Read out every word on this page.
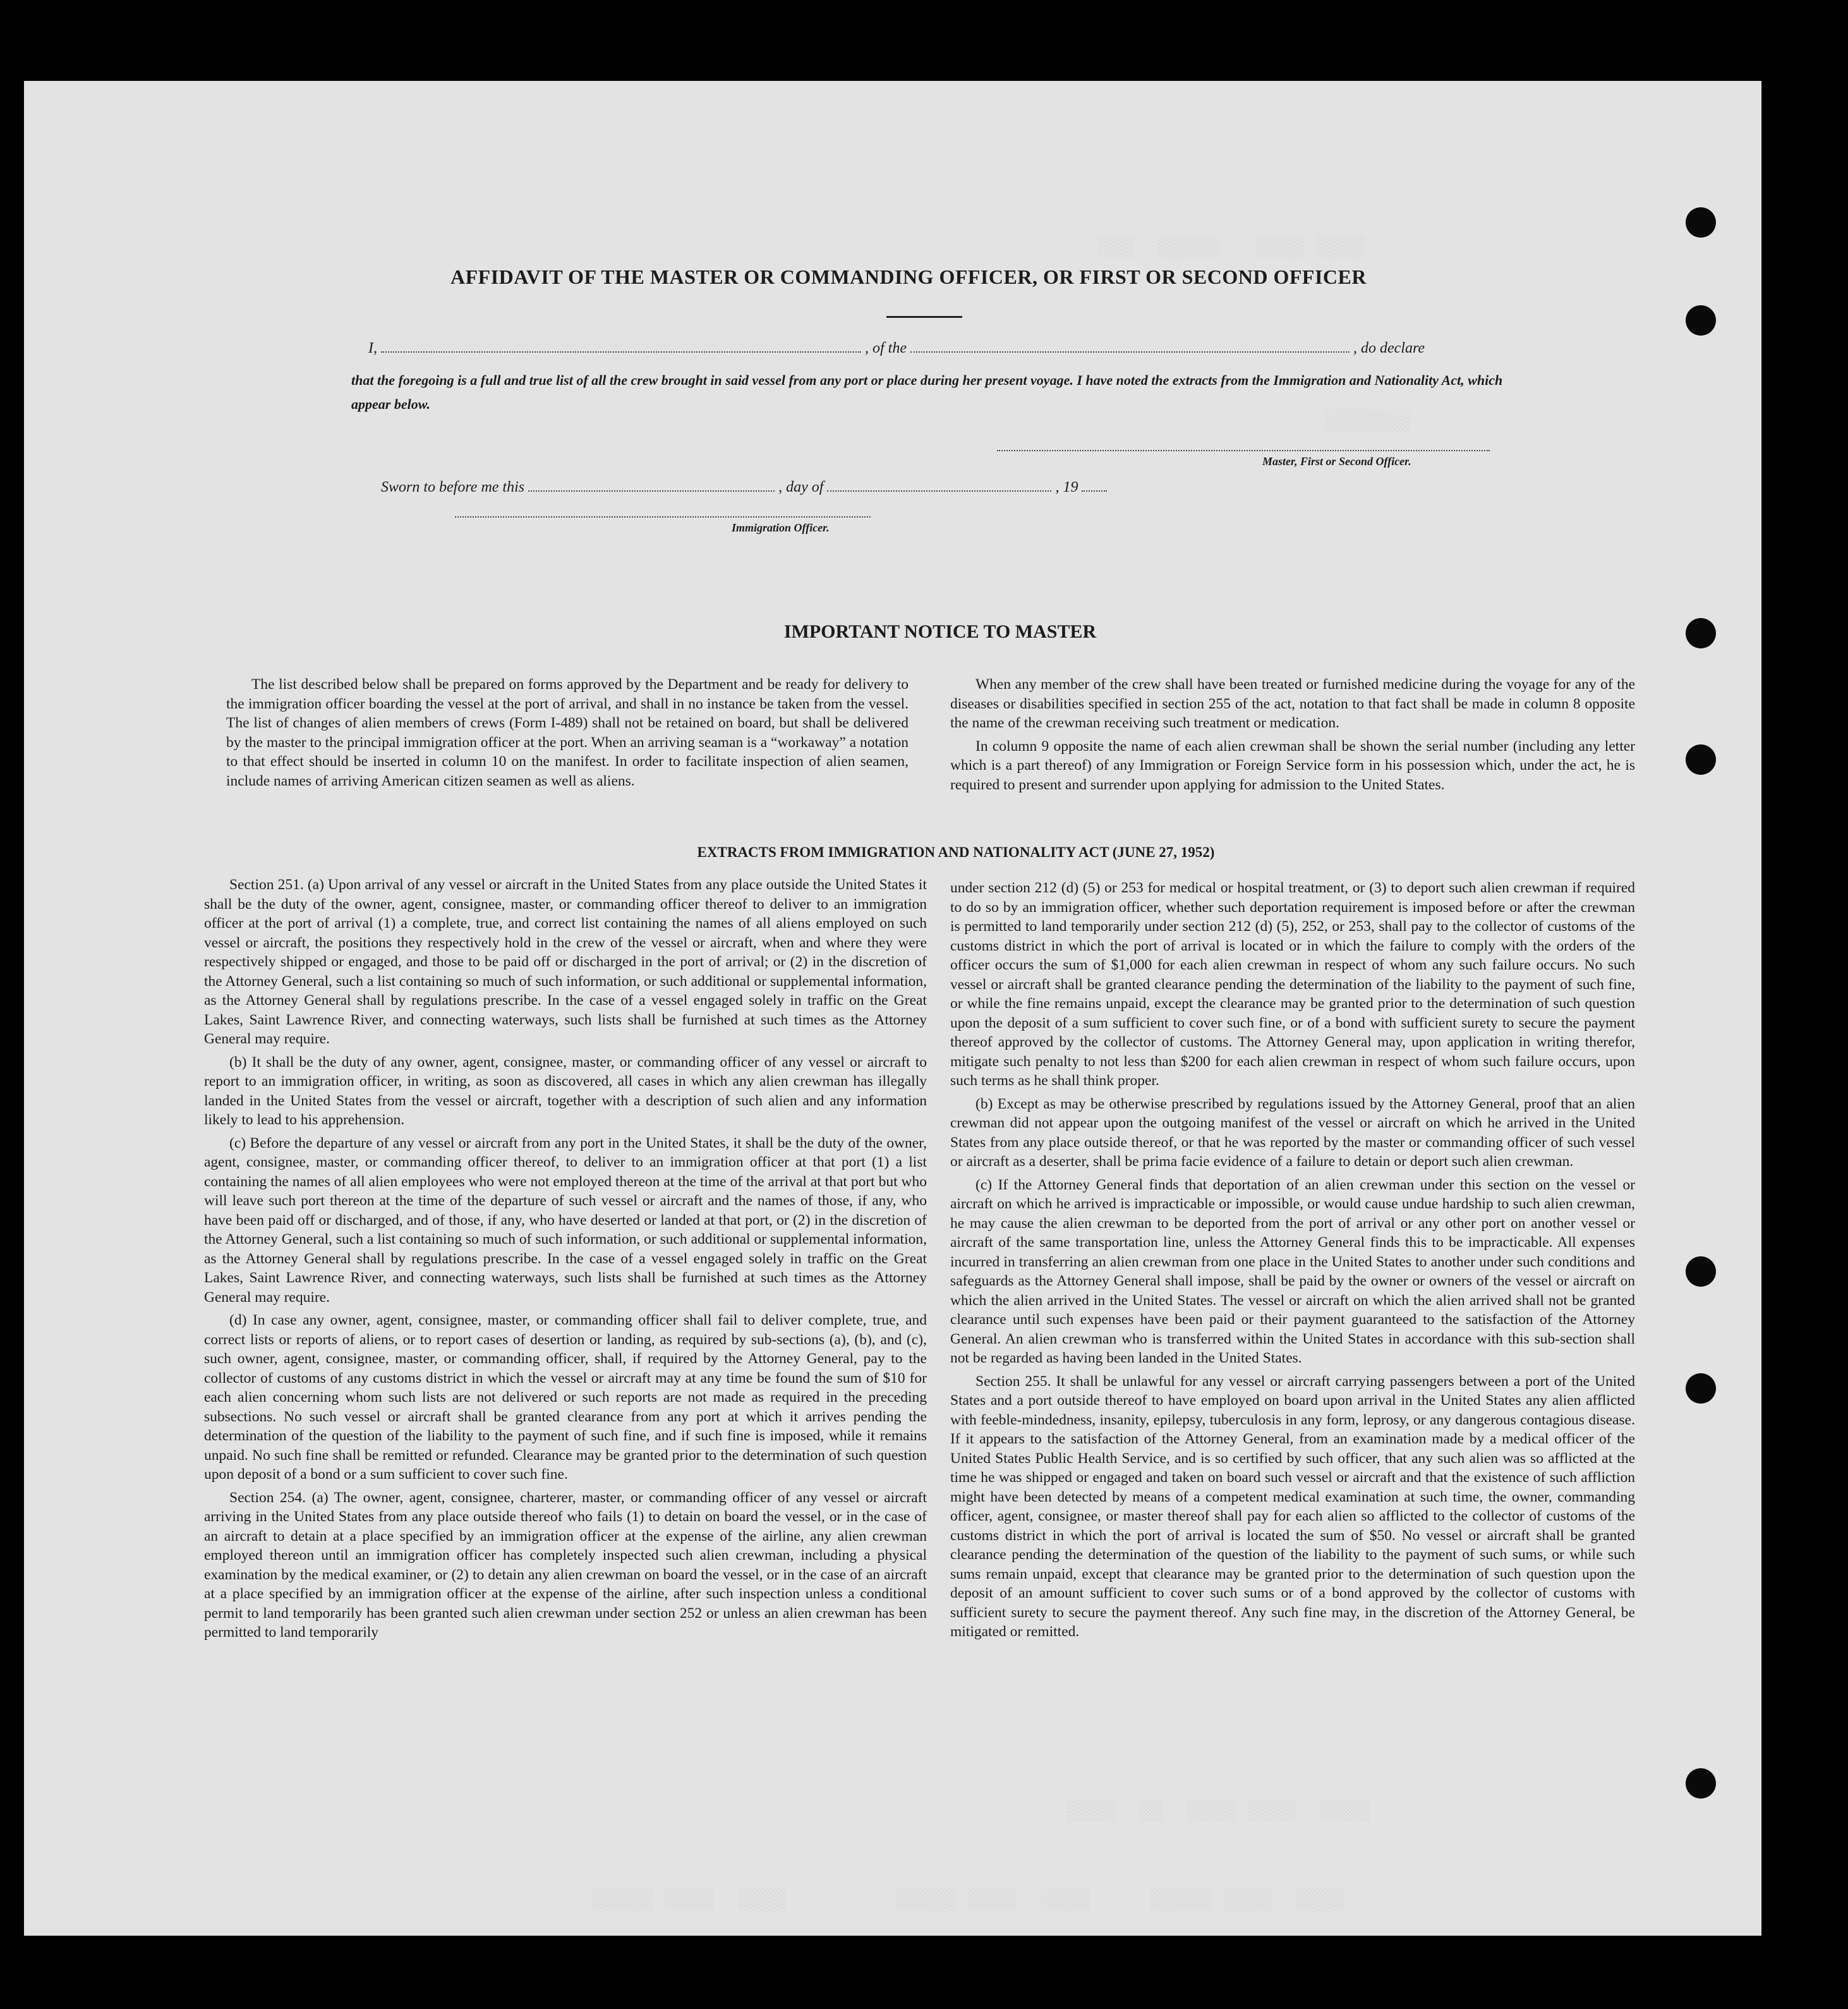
░░░  ░░░░░   ░░░░ ░░░░
░░░░░░░
░░░░  ░░  ░░░░ ░░░░  ░░░░
░░░░░ ░░░░  ░░░░         ░░░░░ ░░░░  ░░░░     ░░░░░ ░░░░  ░░░░
AFFIDAVIT OF THE MASTER OR COMMANDING OFFICER, OR FIRST OR SECOND OFFICER
I,	, of the	, do declare
that the foregoing is a full and true list of all the crew brought in said vessel from any port or place during her present voyage. I have noted the extracts from the Immigration and Nationality Act, which appear below.
Master, First or Second Officer.
Sworn to before me this	, day of	, 19
Immigration Officer.
IMPORTANT NOTICE TO MASTER

The list described below shall be prepared on forms approved by the Department and be ready for delivery to the immigration officer boarding the vessel at the port of arrival, and shall in no instance be taken from the vessel. The list of changes of alien members of crews (Form I-489) shall not be retained on board, but shall be delivered by the master to the principal immigration officer at the port. When an arriving seaman is a “workaway” a notation to that effect should be inserted in column 10 on the manifest. In order to facilitate inspection of alien seamen, include names of arriving American citizen seamen as well as aliens.

When any member of the crew shall have been treated or furnished medicine during the voyage for any of the diseases or disabilities specified in section 255 of the act, notation to that fact shall be made in column 8 opposite the name of the crewman receiving such treatment or medication.

In column 9 opposite the name of each alien crewman shall be shown the serial number (including any letter which is a part thereof) of any Immigration or Foreign Service form in his possession which, under the act, he is required to present and surrender upon applying for admission to the United States.

EXTRACTS FROM IMMIGRATION AND NATIONALITY ACT (JUNE 27, 1952)

Section 251. (a) Upon arrival of any vessel or aircraft in the United States from any place outside the United States it shall be the duty of the owner, agent, consignee, master, or commanding officer thereof to deliver to an immigration officer at the port of arrival (1) a complete, true, and correct list containing the names of all aliens employed on such vessel or aircraft, the positions they respectively hold in the crew of the vessel or aircraft, when and where they were respectively shipped or engaged, and those to be paid off or discharged in the port of arrival; or (2) in the discretion of the Attorney General, such a list containing so much of such information, or such additional or supplemental information, as the Attorney General shall by regulations prescribe. In the case of a vessel engaged solely in traffic on the Great Lakes, Saint Lawrence River, and connecting waterways, such lists shall be furnished at such times as the Attorney General may require.

(b) It shall be the duty of any owner, agent, consignee, master, or commanding officer of any vessel or aircraft to report to an immigration officer, in writing, as soon as discovered, all cases in which any alien crewman has illegally landed in the United States from the vessel or aircraft, together with a description of such alien and any information likely to lead to his apprehension.

(c) Before the departure of any vessel or aircraft from any port in the United States, it shall be the duty of the owner, agent, consignee, master, or commanding officer thereof, to deliver to an immigration officer at that port (1) a list containing the names of all alien employees who were not employed thereon at the time of the arrival at that port but who will leave such port thereon at the time of the departure of such vessel or aircraft and the names of those, if any, who have been paid off or discharged, and of those, if any, who have deserted or landed at that port, or (2) in the discretion of the Attorney General, such a list containing so much of such information, or such additional or supplemental information, as the Attorney General shall by regulations prescribe. In the case of a vessel engaged solely in traffic on the Great Lakes, Saint Lawrence River, and connecting waterways, such lists shall be furnished at such times as the Attorney General may require.

(d) In case any owner, agent, consignee, master, or commanding officer shall fail to deliver complete, true, and correct lists or reports of aliens, or to report cases of desertion or landing, as required by sub-sections (a), (b), and (c), such owner, agent, consignee, master, or commanding officer, shall, if required by the Attorney General, pay to the collector of customs of any customs district in which the vessel or aircraft may at any time be found the sum of $10 for each alien concerning whom such lists are not delivered or such reports are not made as required in the preceding subsections. No such vessel or aircraft shall be granted clearance from any port at which it arrives pending the determination of the question of the liability to the payment of such fine, and if such fine is imposed, while it remains unpaid. No such fine shall be remitted or refunded. Clearance may be granted prior to the determination of such question upon deposit of a bond or a sum sufficient to cover such fine.

Section 254. (a) The owner, agent, consignee, charterer, master, or commanding officer of any vessel or aircraft arriving in the United States from any place outside thereof who fails (1) to detain on board the vessel, or in the case of an aircraft to detain at a place specified by an immigration officer at the expense of the airline, any alien crewman employed thereon until an immigration officer has completely inspected such alien crewman, including a physical examination by the medical examiner, or (2) to detain any alien crewman on board the vessel, or in the case of an aircraft at a place specified by an immigration officer at the expense of the airline, after such inspection unless a conditional permit to land temporarily has been granted such alien crewman under section 252 or unless an alien crewman has been permitted to land temporarily

under section 212 (d) (5) or 253 for medical or hospital treatment, or (3) to deport such alien crewman if required to do so by an immigration officer, whether such deportation requirement is imposed before or after the crewman is permitted to land temporarily under section 212 (d) (5), 252, or 253, shall pay to the collector of customs of the customs district in which the port of arrival is located or in which the failure to comply with the orders of the officer occurs the sum of $1,000 for each alien crewman in respect of whom any such failure occurs. No such vessel or aircraft shall be granted clearance pending the determination of the liability to the payment of such fine, or while the fine remains unpaid, except the clearance may be granted prior to the determination of such question upon the deposit of a sum sufficient to cover such fine, or of a bond with sufficient surety to secure the payment thereof approved by the collector of customs. The Attorney General may, upon application in writing therefor, mitigate such penalty to not less than $200 for each alien crewman in respect of whom such failure occurs, upon such terms as he shall think proper.

(b) Except as may be otherwise prescribed by regulations issued by the Attorney General, proof that an alien crewman did not appear upon the outgoing manifest of the vessel or aircraft on which he arrived in the United States from any place outside thereof, or that he was reported by the master or commanding officer of such vessel or aircraft as a deserter, shall be prima facie evidence of a failure to detain or deport such alien crewman.

(c) If the Attorney General finds that deportation of an alien crewman under this section on the vessel or aircraft on which he arrived is impracticable or impossible, or would cause undue hardship to such alien crewman, he may cause the alien crewman to be deported from the port of arrival or any other port on another vessel or aircraft of the same transportation line, unless the Attorney General finds this to be impracticable. All expenses incurred in transferring an alien crewman from one place in the United States to another under such conditions and safeguards as the Attorney General shall impose, shall be paid by the owner or owners of the vessel or aircraft on which the alien arrived in the United States. The vessel or aircraft on which the alien arrived shall not be granted clearance until such expenses have been paid or their payment guaranteed to the satisfaction of the Attorney General. An alien crewman who is transferred within the United States in accordance with this sub-section shall not be regarded as having been landed in the United States.

Section 255. It shall be unlawful for any vessel or aircraft carrying passengers between a port of the United States and a port outside thereof to have employed on board upon arrival in the United States any alien afflicted with feeble-mindedness, insanity, epilepsy, tuberculosis in any form, leprosy, or any dangerous contagious disease. If it appears to the satisfaction of the Attorney General, from an examination made by a medical officer of the United States Public Health Service, and is so certified by such officer, that any such alien was so afflicted at the time he was shipped or engaged and taken on board such vessel or aircraft and that the existence of such affliction might have been detected by means of a competent medical examination at such time, the owner, commanding officer, agent, consignee, or master thereof shall pay for each alien so afflicted to the collector of customs of the customs district in which the port of arrival is located the sum of $50. No vessel or aircraft shall be granted clearance pending the determination of the question of the liability to the payment of such sums, or while such sums remain unpaid, except that clearance may be granted prior to the determination of such question upon the deposit of an amount sufficient to cover such sums or of a bond approved by the collector of customs with sufficient surety to secure the payment thereof. Any such fine may, in the discretion of the Attorney General, be mitigated or remitted.
